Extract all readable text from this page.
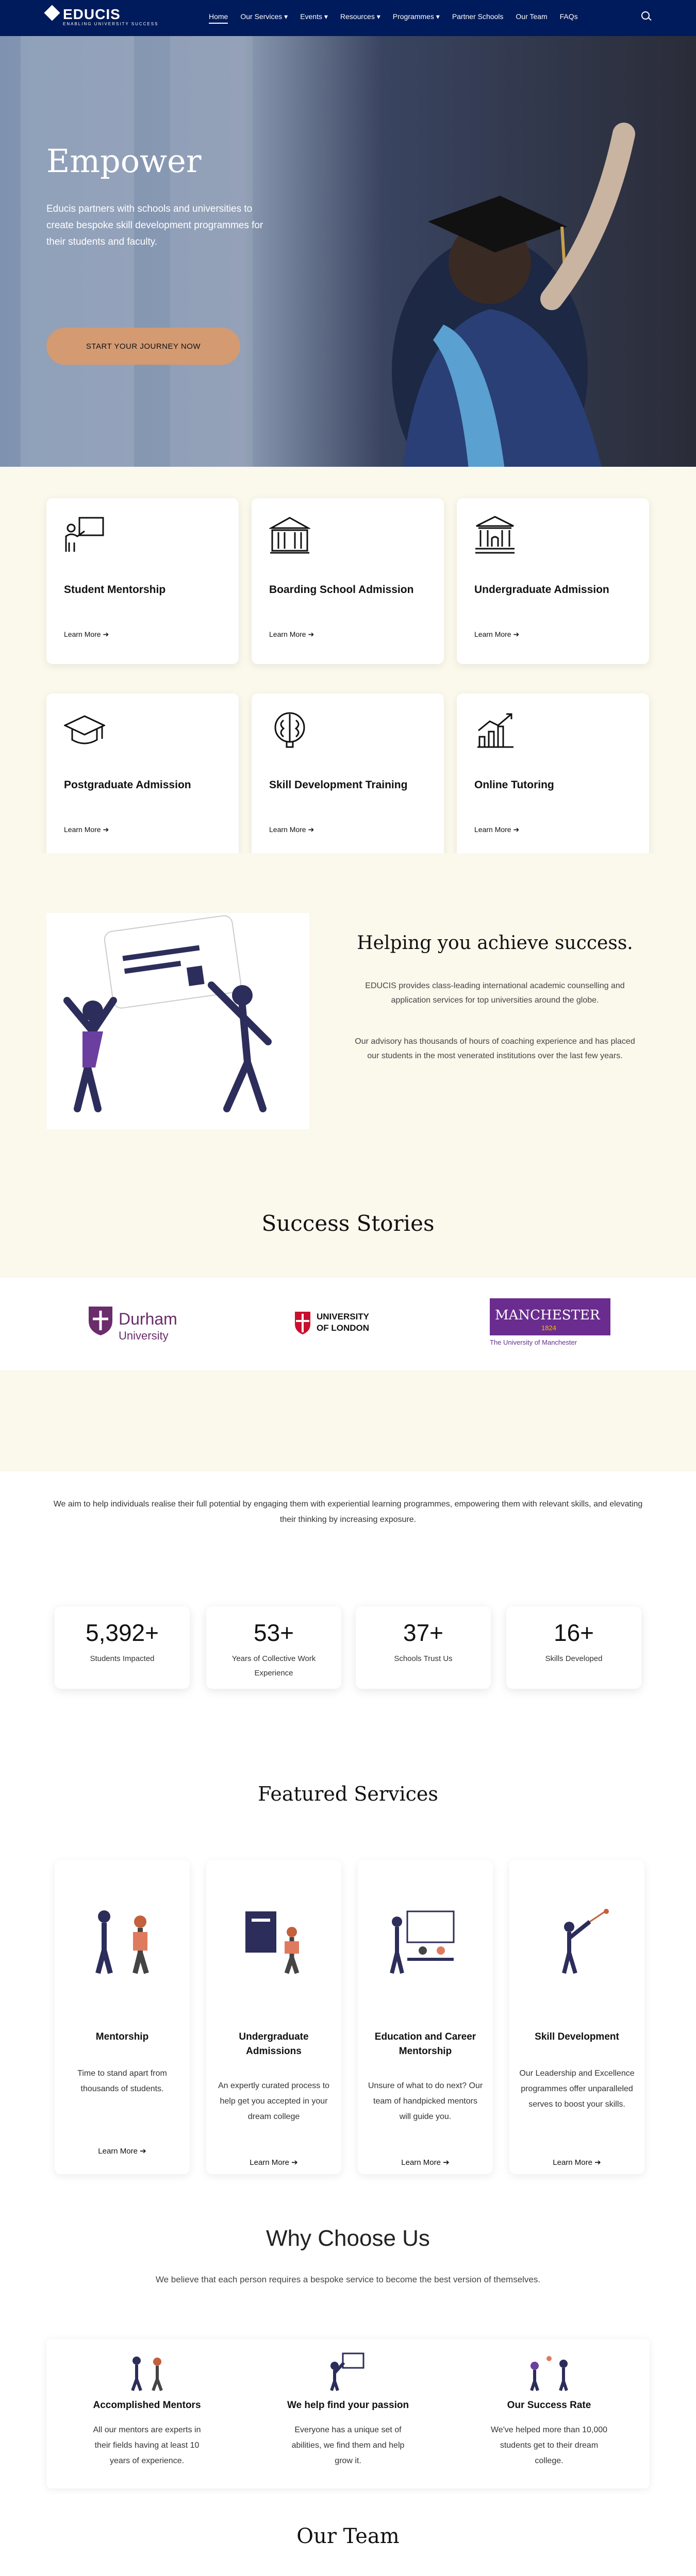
EDUCIS
ENABLING UNIVERSITY SUCCESS
Home Our Services ▾ Events ▾ Resources ▾ Programmes ▾ Partner Schools Our Team FAQs
Empower

Educis partners with schools and universities to create bespoke skill development programmes for their students and faculty.

START YOUR JOURNEY NOW
Student Mentorship
Learn More ➔
Boarding School Admission
Learn More ➔
Undergraduate Admission
Learn More ➔
Postgraduate Admission
Learn More ➔
Skill Development Training
Learn More ➔
Online Tutoring
Learn More ➔
Helping you achieve success.

EDUCIS provides class-leading international academic counselling and application services for top universities around the globe.

Our advisory has thousands of hours of coaching experience and has placed our students in the most venerated institutions over the last few years.

Success Stories
Durham
University
UNIVERSITY
OF LONDON
MANCHESTER
1824
The University of Manchester

We aim to help individuals realise their full potential by engaging them with experiential learning programmes, empowering them with relevant skills, and elevating their thinking by increasing exposure.

5,392+
Students Impacted
53+
Years of Collective Work Experience
37+
Schools Trust Us
16+
Skills Developed
Featured Services
Mentorship

Time to stand apart from thousands of students.

Learn More ➔
Undergraduate Admissions

An expertly curated process to help get you accepted in your dream college

Learn More ➔
Education and Career Mentorship

Unsure of what to do next? Our team of handpicked mentors will guide you.

Learn More ➔
Skill Development

Our Leadership and Excellence programmes offer unparalleled serves to boost your skills.

Learn More ➔
Why Choose Us
We believe that each person requires a bespoke service to become the best version of themselves.
Accomplished Mentors

All our mentors are experts in their fields having at least 10 years of experience.

We help find your passion

Everyone has a unique set of abilities, we find them and help grow it.

Our Success Rate

We've helped more than 10,000 students get to their dream college.

Our Team
